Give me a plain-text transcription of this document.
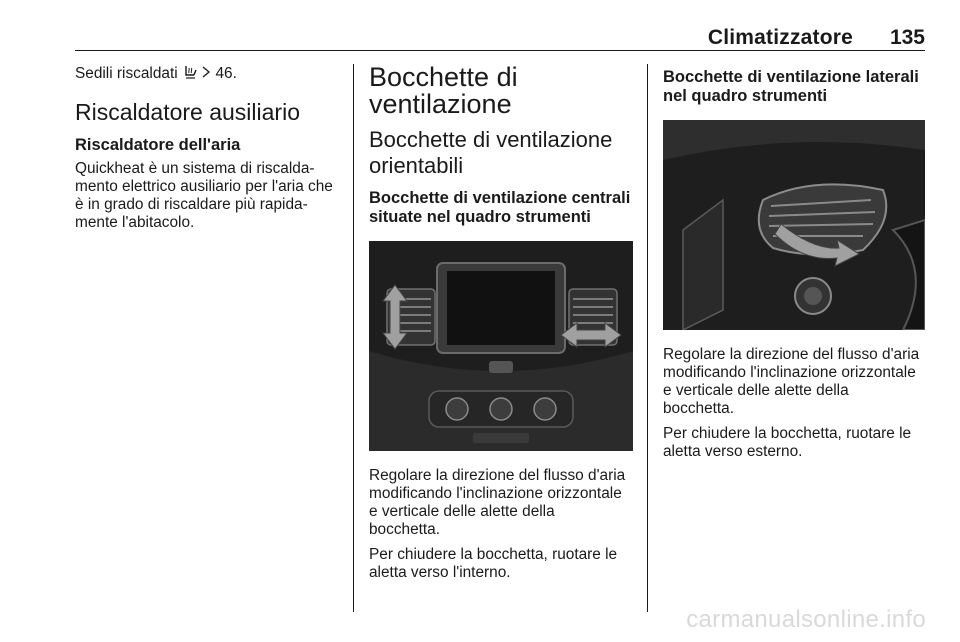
Climatizzatore 135

Sedili riscaldati 46.

Riscaldatore ausiliario
Riscaldatore dell'aria

Quickheat è un sistema di riscalda-

mento elettrico ausiliario per l'aria che

è in grado di riscaldare più rapida-

mente l'abitacolo.

Bocchette di
ventilazione
Bocchette di ventilazione
orientabili
Bocchette di ventilazione centrali
situate nel quadro strumenti

Regolare la direzione del flusso d'aria

modificando l'inclinazione orizzontale

e verticale delle alette della

bocchetta.

Per chiudere la bocchetta, ruotare le

aletta verso l'interno.

Bocchette di ventilazione laterali
nel quadro strumenti

Regolare la direzione del flusso d'aria

modificando l'inclinazione orizzontale

e verticale delle alette della

bocchetta.

Per chiudere la bocchetta, ruotare le

aletta verso esterno.

carmanualsonline.info
